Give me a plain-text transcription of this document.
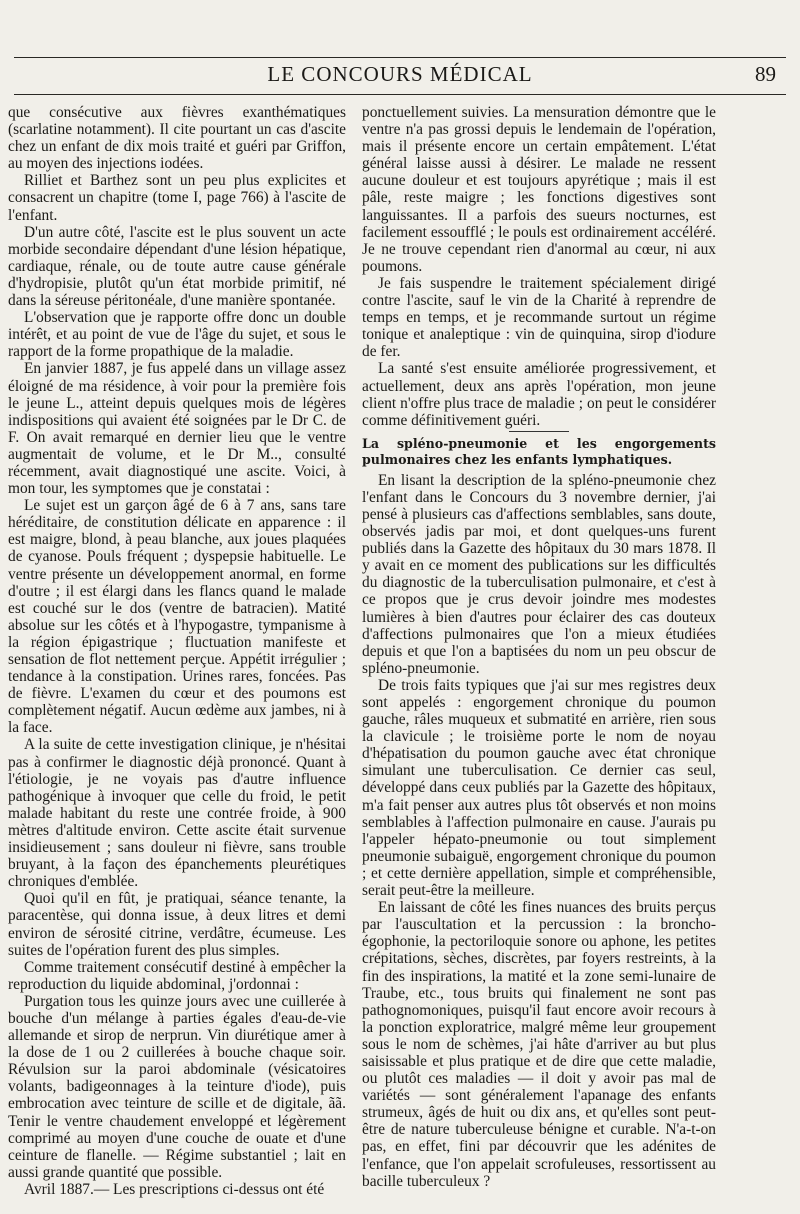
LE CONCOURS MÉDICAL	89

que consécutive aux fièvres exanthématiques (scarlatine notamment). Il cite pourtant un cas d'ascite chez un enfant de dix mois traité et guéri par Griffon, au moyen des injections iodées.

Rilliet et Barthez sont un peu plus explicites et consacrent un chapitre (tome I, page 766) à l'ascite de l'enfant.

D'un autre côté, l'ascite est le plus souvent un acte morbide secondaire dépendant d'une lésion hépatique, cardiaque, rénale, ou de toute autre cause générale d'hydropisie, plutôt qu'un état morbide primitif, né dans la séreuse péritonéale, d'une manière spontanée.

L'observation que je rapporte offre donc un double intérêt, et au point de vue de l'âge du sujet, et sous le rapport de la forme propathique de la maladie.

En janvier 1887, je fus appelé dans un village assez éloigné de ma résidence, à voir pour la première fois le jeune L., atteint depuis quelques mois de légères indispositions qui avaient été soignées par le Dr C. de F. On avait remarqué en dernier lieu que le ventre augmentait de volume, et le Dr M.., consulté récemment, avait diagnostiqué une ascite. Voici, à mon tour, les symptomes que je constatai :

Le sujet est un garçon âgé de 6 à 7 ans, sans tare héréditaire, de constitution délicate en apparence : il est maigre, blond, à peau blanche, aux joues plaquées de cyanose. Pouls fréquent ; dyspepsie habituelle. Le ventre présente un développement anormal, en forme d'outre ; il est élargi dans les flancs quand le malade est couché sur le dos (ventre de batracien). Matité absolue sur les côtés et à l'hypogastre, tympanisme à la région épigastrique ; fluctuation manifeste et sensation de flot nettement perçue. Appétit irrégulier ; tendance à la constipation. Urines rares, foncées. Pas de fièvre. L'examen du cœur et des poumons est complètement négatif. Aucun œdème aux jambes, ni à la face.

A la suite de cette investigation clinique, je n'hésitai pas à confirmer le diagnostic déjà prononcé. Quant à l'étiologie, je ne voyais pas d'autre influence pathogénique à invoquer que celle du froid, le petit malade habitant du reste une contrée froide, à 900 mètres d'altitude environ. Cette ascite était survenue insidieusement ; sans douleur ni fièvre, sans trouble bruyant, à la façon des épanchements pleurétiques chroniques d'emblée.

Quoi qu'il en fût, je pratiquai, séance tenante, la paracentèse, qui donna issue, à deux litres et demi environ de sérosité citrine, verdâtre, écumeuse. Les suites de l'opération furent des plus simples.

Comme traitement consécutif destiné à empêcher la reproduction du liquide abdominal, j'ordonnai :

Purgation tous les quinze jours avec une cuillerée à bouche d'un mélange à parties égales d'eau-de-vie allemande et sirop de nerprun. Vin diurétique amer à la dose de 1 ou 2 cuillerées à bouche chaque soir. Révulsion sur la paroi abdominale (vésicatoires volants, badigeonnages à la teinture d'iode), puis embrocation avec teinture de scille et de digitale, ãã. Tenir le ventre chaudement enveloppé et légèrement comprimé au moyen d'une couche de ouate et d'une ceinture de flanelle. — Régime substantiel ; lait en aussi grande quantité que possible.

Avril 1887.— Les prescriptions ci-dessus ont été

ponctuellement suivies. La mensuration démontre que le ventre n'a pas grossi depuis le lendemain de l'opération, mais il présente encore un certain empâtement. L'état général laisse aussi à désirer. Le malade ne ressent aucune douleur et est toujours apyrétique ; mais il est pâle, reste maigre ; les fonctions digestives sont languissantes. Il a parfois des sueurs nocturnes, est facilement essoufflé ; le pouls est ordinairement accéléré. Je ne trouve cependant rien d'anormal au cœur, ni aux poumons.

Je fais suspendre le traitement spécialement dirigé contre l'ascite, sauf le vin de la Charité à reprendre de temps en temps, et je recommande surtout un régime tonique et analeptique : vin de quinquina, sirop d'iodure de fer.

La santé s'est ensuite améliorée progressivement, et actuellement, deux ans après l'opération, mon jeune client n'offre plus trace de maladie ; on peut le considérer comme définitivement guéri.

La spléno-pneumonie et les engorgements pulmonaires chez les enfants lymphatiques.

En lisant la description de la spléno-pneumonie chez l'enfant dans le Concours du 3 novembre dernier, j'ai pensé à plusieurs cas d'affections semblables, sans doute, observés jadis par moi, et dont quelques-uns furent publiés dans la Gazette des hôpitaux du 30 mars 1878. Il y avait en ce moment des publications sur les difficultés du diagnostic de la tuberculisation pulmonaire, et c'est à ce propos que je crus devoir joindre mes modestes lumières à bien d'autres pour éclairer des cas douteux d'affections pulmonaires que l'on a mieux étudiées depuis et que l'on a baptisées du nom un peu obscur de spléno-pneumonie.

De trois faits typiques que j'ai sur mes registres deux sont appelés : engorgement chronique du poumon gauche, râles muqueux et submatité en arrière, rien sous la clavicule ; le troisième porte le nom de noyau d'hépatisation du poumon gauche avec état chronique simulant une tuberculisation. Ce dernier cas seul, développé dans ceux publiés par la Gazette des hôpitaux, m'a fait penser aux autres plus tôt observés et non moins semblables à l'affection pulmonaire en cause. J'aurais pu l'appeler hépato-pneumonie ou tout simplement pneumonie subaiguë, engorgement chronique du poumon ; et cette dernière appellation, simple et compréhensible, serait peut-être la meilleure.

En laissant de côté les fines nuances des bruits perçus par l'auscultation et la percussion : la broncho-égophonie, la pectoriloquie sonore ou aphone, les petites crépitations, sèches, discrètes, par foyers restreints, à la fin des inspirations, la matité et la zone semi-lunaire de Traube, etc., tous bruits qui finalement ne sont pas pathognomoniques, puisqu'il faut encore avoir recours à la ponction exploratrice, malgré même leur groupement sous le nom de schèmes, j'ai hâte d'arriver au but plus saisissable et plus pratique et de dire que cette maladie, ou plutôt ces maladies — il doit y avoir pas mal de variétés — sont généralement l'apanage des enfants strumeux, âgés de huit ou dix ans, et qu'elles sont peut-être de nature tuberculeuse bénigne et curable. N'a-t-on pas, en effet, fini par découvrir que les adénites de l'enfance, que l'on appelait scrofuleuses, ressortissent au bacille tuberculeux ?
